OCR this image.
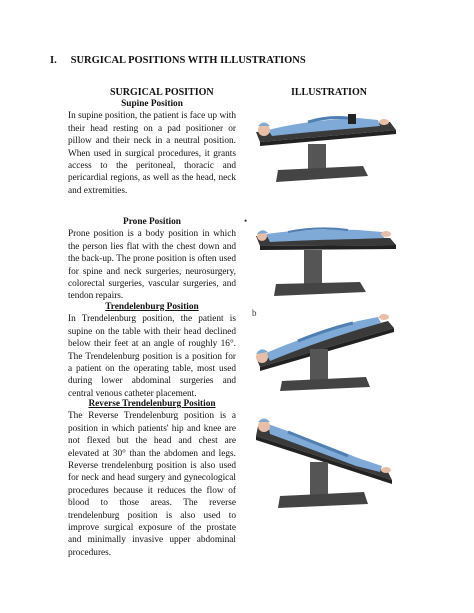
I. SURGICAL POSITIONS WITH ILLUSTRATIONS
SURGICAL POSITION	ILLUSTRATION
Supine Position
In supine position, the patient is face up with their head resting on a pad positioner or pillow and their neck in a neutral position. When used in surgical procedures, it grants access to the peritoneal, thoracic and pericardial regions, as well as the head, neck and extremities.
Prone Position
Prone position is a body position in which the person lies flat with the chest down and the back-up. The prone position is often used for spine and neck surgeries, neurosurgery, colorectal surgeries, vascular surgeries, and tendon repairs.
Trendelenburg Position
In Trendelenburg position, the patient is supine on the table with their head declined below their feet at an angle of roughly 16°. The Trendelenburg position is a position for a patient on the operating table, most used during lower abdominal surgeries and central venous catheter placement.
Reverse Trendelenburg Position
The Reverse Trendelenburg position is a position in which patients' hip and knee are not flexed but the head and chest are elevated at 30° than the abdomen and legs. Reverse trendelenburg position is also used for neck and head surgery and gynecological procedures because it reduces the flow of blood to those areas. The reverse trendelenburg position is also used to improve surgical exposure of the prostate and minimally invasive upper abdominal procedures.
•
b
